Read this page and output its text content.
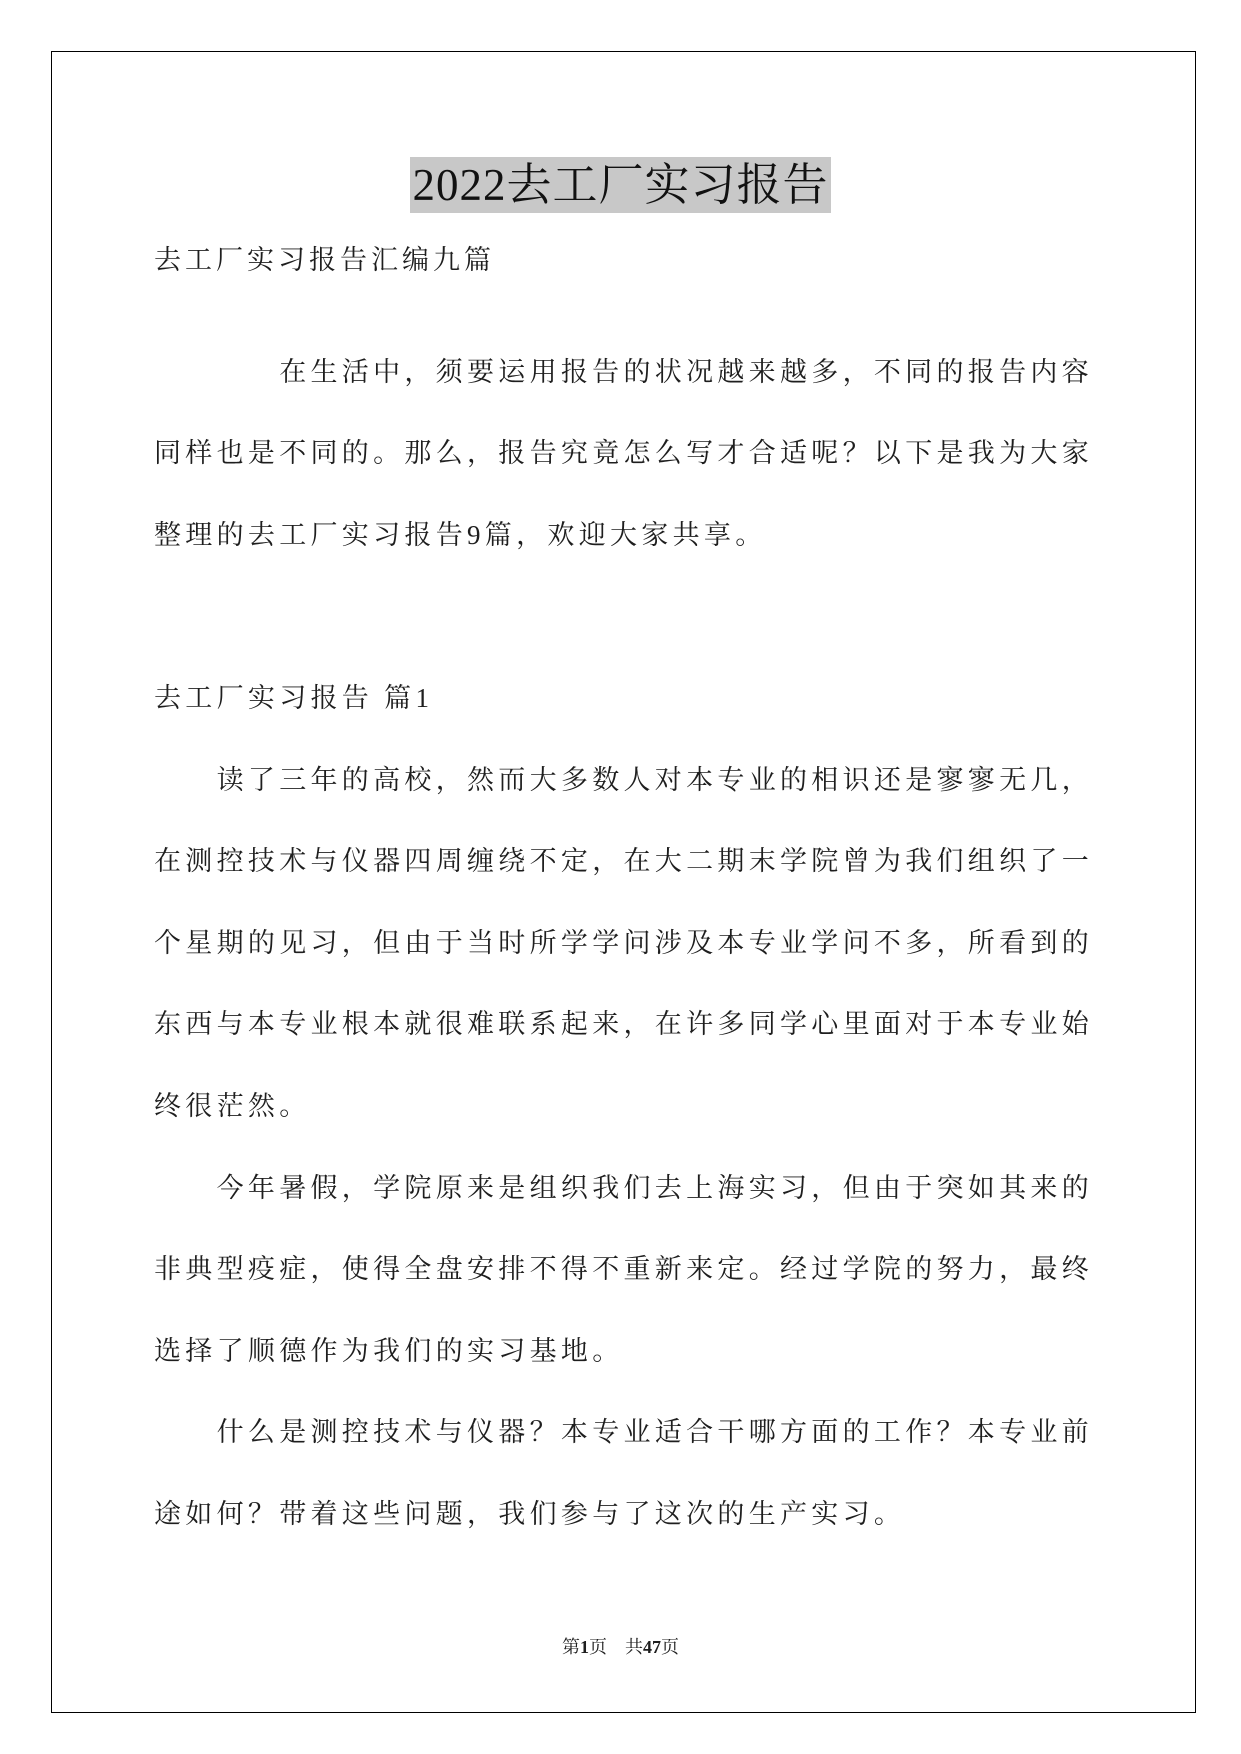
2022去工厂实习报告
去工厂实习报告汇编九篇
在生活中，须要运用报告的状况越来越多，不同的报告内容
同样也是不同的。那么，报告究竟怎么写才合适呢？以下是我为大家
整理的去工厂实习报告9篇，欢迎大家共享。
去工厂实习报告 篇1
读了三年的高校，然而大多数人对本专业的相识还是寥寥无几，
在测控技术与仪器四周缠绕不定，在大二期末学院曾为我们组织了一
个星期的见习，但由于当时所学学问涉及本专业学问不多，所看到的
东西与本专业根本就很难联系起来，在许多同学心里面对于本专业始
终很茫然。
今年暑假，学院原来是组织我们去上海实习，但由于突如其来的
非典型疫症，使得全盘安排不得不重新来定。经过学院的努力，最终
选择了顺德作为我们的实习基地。
什么是测控技术与仪器？本专业适合干哪方面的工作？本专业前
途如何？带着这些问题，我们参与了这次的生产实习。
第1页 共47页
